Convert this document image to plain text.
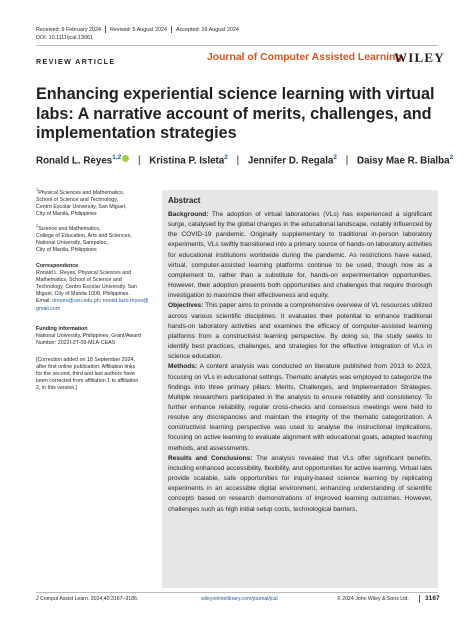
Received: 9 February 2024 Revised: 5 August 2024 Accepted: 16 August 2024
DOI: 10.1111/jcal.13061
REVIEW ARTICLE	Journal of Computer Assisted Learning
WILEY
Enhancing experiential science learning with virtual labs: A narrative account of merits, challenges, and implementation strategies
Ronald L. Reyes$^{1,2}$ | Kristina P. Isleta$^2$ | Jennifer D. Regala$^2$ | Daisy Mae R. Bialba$^2$
$^1$Physical Sciences and Mathematics,
School of Science and Technology,
Centro Escolar University, San Miguel,
City of Manila, Philippines
$^2$Science and Mathematics,
College of Education, Arts and Sciences,
National University, Sampaloc,
City of Manila, Philippines
Correspondence
Ronald L. Reyes, Physical Sciences and
Mathematics, School of Science and
Technology, Centro Escolar University, San
Miguel, City of Manila 1008, Philippines.
Email: rlreyes@ceu.edu.ph; ronald.lazo.reyes@
gmail.com
Funding information
National University, Philippines, Grant/Award
Number: 2022I-2T-09-MLA-CEAS
[Correction added on 18 September 2024,
after first online publication: Affiliation links
for the second, third and last authors have
been corrected from affiliation 1 to affiliation
2, in this version.]
Abstract

Background: The adoption of virtual laboratories (VLs) has experienced a significant surge, catalysed by the global changes in the educational landscape, notably influenced by the COVID-19 pandemic. Originally supplementary to traditional in-person laboratory experiments, VLs swiftly transitioned into a primary source of hands-on laboratory activities for educational institutions worldwide during the pandemic. As restrictions have eased, virtual, computer-assisted learning platforms continue to be used, though now as a complement to, rather than a substitute for, hands-on experimentation opportunities. However, their adoption presents both opportunities and challenges that require thorough investigation to maximize their effectiveness and equity.

Objectives: This paper aims to provide a comprehensive overview of VL resources utilized across various scientific disciplines. It evaluates their potential to enhance traditional hands-on laboratory activities and examines the efficacy of computer-assisted learning platforms from a constructivist learning perspective. By doing so, the study seeks to identify best practices, challenges, and strategies for the effective integration of VLs in science education.

Methods: A content analysis was conducted on literature published from 2013 to 2023, focusing on VLs in educational settings. Thematic analysis was employed to categorize the findings into three primary pillars: Merits, Challenges, and Implementation Strategies. Multiple researchers participated in the analysis to ensure reliability and consistency. To further enhance reliability, regular cross-checks and consensus meetings were held to resolve any discrepancies and maintain the integrity of the thematic categorization. A constructivist learning perspective was used to analyse the instructional implications, focusing on active learning to evaluate alignment with educational goals, adapted teaching methods, and assessments.

Results and Conclusions: The analysis revealed that VLs offer significant benefits, including enhanced accessibility, flexibility, and opportunities for active learning. Virtual labs provide scalable, safe opportunities for inquiry-based science learning by replicating experiments in an accessible digital environment, enhancing understanding of scientific concepts based on research demonstrations of improved learning outcomes. However, challenges such as high initial setup costs, technological barriers,

J Comput Assist Learn. 2024;40:3167–3186.	wileyonlinelibrary.com/journal/jcal	© 2024 John Wiley & Sons Ltd. 3167
